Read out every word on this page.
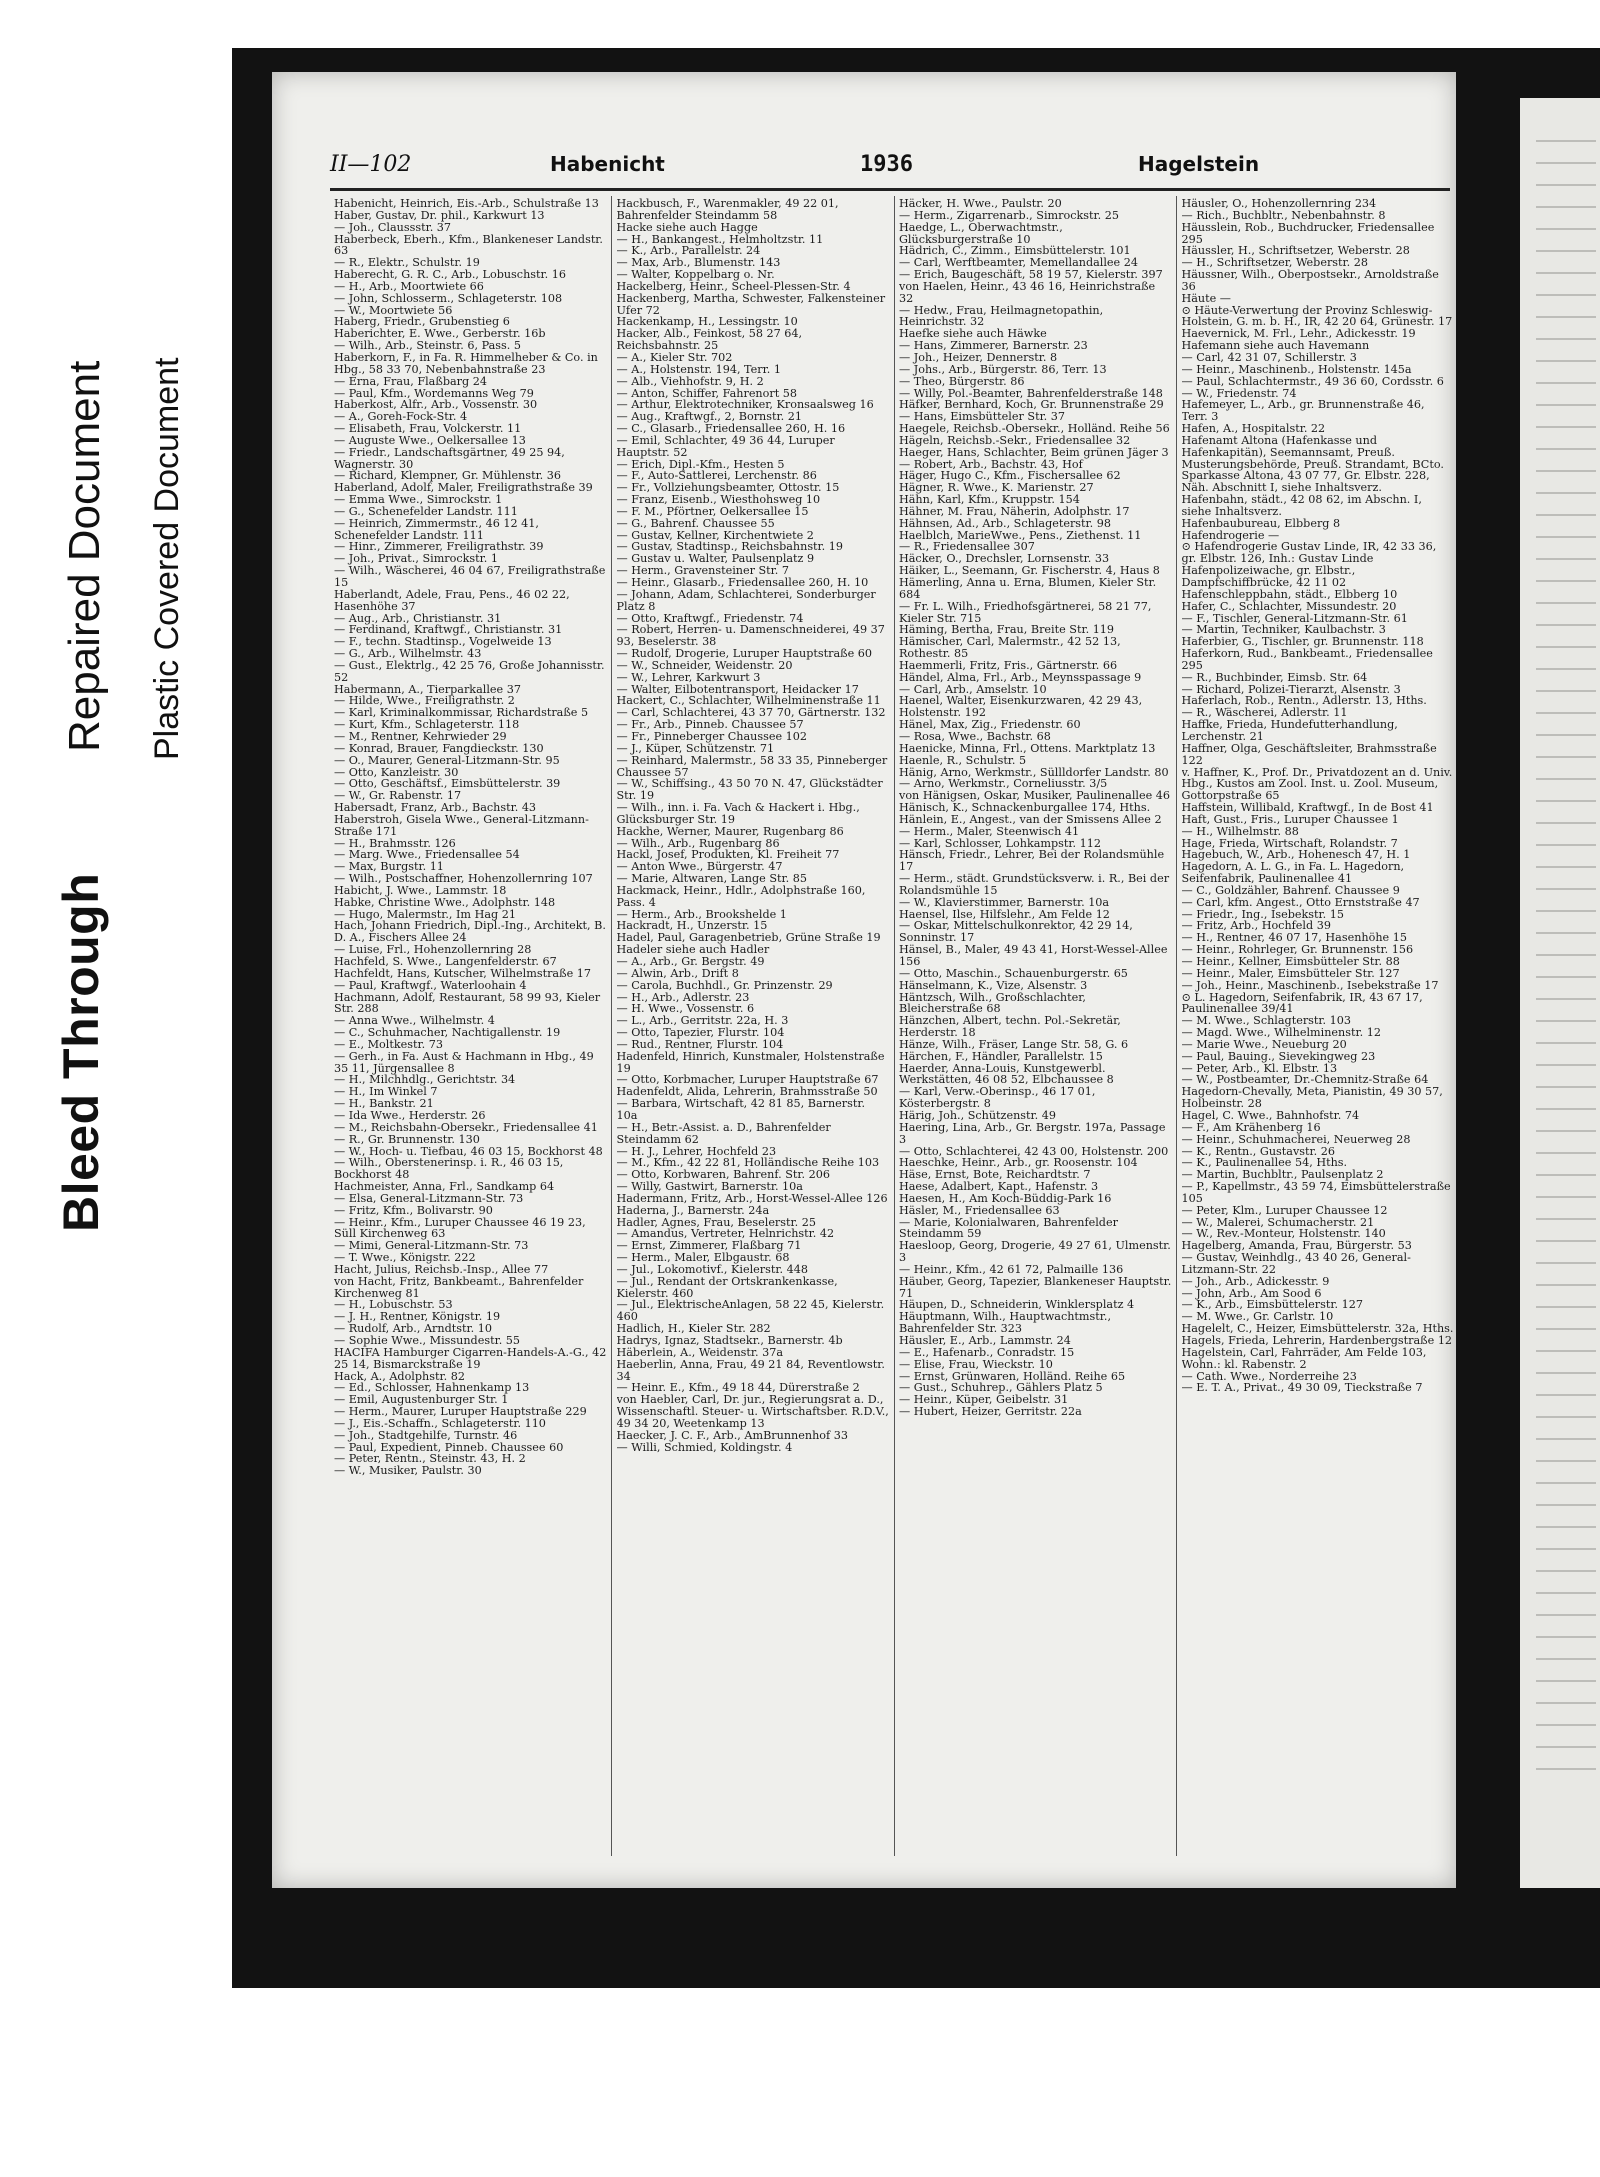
Bleed Through
Repaired Document Plastic Covered Document
II—102	Habenicht	1936	Hagelstein

Habenicht, Heinrich, Eis.-Arb., Schulstraße 13

Haber, Gustav, Dr. phil., Karkwurt 13

— Joh., Claussstr. 37

Haberbeck, Eberh., Kfm., Blankeneser Landstr. 63

— R., Elektr., Schulstr. 19

Haberecht, G. R. C., Arb., Lobuschstr. 16

— H., Arb., Moortwiete 66

— John, Schlosserm., Schlageterstr. 108

— W., Moortwiete 56

Haberg, Friedr., Grubenstieg 6

Haberichter, E. Wwe., Gerberstr. 16b

— Wilh., Arb., Steinstr. 6, Pass. 5

Haberkorn, F., in Fa. R. Himmelheber & Co. in Hbg., 58 33 70, Nebenbahnstraße 23

— Erna, Frau, Flaßbarg 24

— Paul, Kfm., Wordemanns Weg 79

Haberkost, Alfr., Arb., Vossenstr. 30

— A., Goreh-Fock-Str. 4

— Elisabeth, Frau, Volckerstr. 11

— Auguste Wwe., Oelkersallee 13

— Friedr., Landschaftsgärtner, 49 25 94, Wagnerstr. 30

— Richard, Klempner, Gr. Mühlenstr. 36

Haberland, Adolf, Maler, Freiligrathstraße 39

— Emma Wwe., Simrockstr. 1

— G., Schenefelder Landstr. 111

— Heinrich, Zimmermstr., 46 12 41, Schenefelder Landstr. 111

— Hinr., Zimmerer, Freiligrathstr. 39

— Joh., Privat., Simrockstr. 1

— Wilh., Wäscherei, 46 04 67, Freiligrathstraße 15

Haberlandt, Adele, Frau, Pens., 46 02 22, Hasenhöhe 37

— Aug., Arb., Christianstr. 31

— Ferdinand, Kraftwgf., Christianstr. 31

— F., techn. Stadtinsp., Vogelweide 13

— G., Arb., Wilhelmstr. 43

— Gust., Elektrlg., 42 25 76, Große Johannisstr. 52

Habermann, A., Tierparkallee 37

— Hilde, Wwe., Freiligrathstr. 2

— Karl, Kriminalkommissar, Richardstraße 5

— Kurt, Kfm., Schlageterstr. 118

— M., Rentner, Kehrwieder 29

— Konrad, Brauer, Fangdieckstr. 130

— O., Maurer, General-Litzmann-Str. 95

— Otto, Kanzleistr. 30

— Otto, Geschäftsf., Eimsbüttelerstr. 39

— W., Gr. Rabenstr. 17

Habersadt, Franz, Arb., Bachstr. 43

Haberstroh, Gisela Wwe., General-Litzmann-Straße 171

— H., Brahmsstr. 126

— Marg. Wwe., Friedensallee 54

— Max, Burgstr. 11

— Wilh., Postschaffner, Hohenzollernring 107

Habicht, J. Wwe., Lammstr. 18

Habke, Christine Wwe., Adolphstr. 148

— Hugo, Malermstr., Im Hag 21

Hach, Johann Friedrich, Dipl.-Ing., Architekt, B. D. A., Fischers Allee 24

— Luise, Frl., Hohenzollernring 28

Hachfeld, S. Wwe., Langenfelderstr. 67

Hachfeldt, Hans, Kutscher, Wilhelmstraße 17

— Paul, Kraftwgf., Waterloohain 4

Hachmann, Adolf, Restaurant, 58 99 93, Kieler Str. 288

— Anna Wwe., Wilhelmstr. 4

— C., Schuhmacher, Nachtigallenstr. 19

— E., Moltkestr. 73

— Gerh., in Fa. Aust & Hachmann in Hbg., 49 35 11, Jürgensallee 8

— H., Milchhdlg., Gerichtstr. 34

— H., Im Winkel 7

— H., Bankstr. 21

— Ida Wwe., Herderstr. 26

— M., Reichsbahn-Obersekr., Friedensallee 41

— R., Gr. Brunnenstr. 130

— W., Hoch- u. Tiefbau, 46 03 15, Bockhorst 48

— Wilh., Oberstenerinsp. i. R., 46 03 15, Bockhorst 48

Hachmeister, Anna, Frl., Sandkamp 64

— Elsa, General-Litzmann-Str. 73

— Fritz, Kfm., Bolivarstr. 90

— Heinr., Kfm., Luruper Chaussee 46 19 23, Süll Kirchenweg 63

— Mimi, General-Litzmann-Str. 73

— T. Wwe., Königstr. 222

Hacht, Julius, Reichsb.-Insp., Allee 77

von Hacht, Fritz, Bankbeamt., Bahrenfelder Kirchenweg 81

— H., Lobuschstr. 53

— J. H., Rentner, Königstr. 19

— Rudolf, Arb., Arndtstr. 10

— Sophie Wwe., Missundestr. 55

HACIFA Hamburger Cigarren-Handels-A.-G., 42 25 14, Bismarckstraße 19

Hack, A., Adolphstr. 82

— Ed., Schlosser, Hahnenkamp 13

— Emil, Augustenburger Str. 1

— Herm., Maurer, Luruper Hauptstraße 229

— J., Eis.-Schaffn., Schlageterstr. 110

— Joh., Stadtgehilfe, Turnstr. 46

— Paul, Expedient, Pinneb. Chaussee 60

— Peter, Rentn., Steinstr. 43, H. 2

— W., Musiker, Paulstr. 30

Hackbusch, F., Warenmakler, 49 22 01, Bahrenfelder Steindamm 58

Hacke siehe auch Hagge

— H., Bankangest., Helmholtzstr. 11

— K., Arb., Parallelstr. 24

— Max, Arb., Blumenstr. 143

— Walter, Koppelbarg o. Nr.

Hackelberg, Heinr., Scheel-Plessen-Str. 4

Hackenberg, Martha, Schwester, Falkensteiner Ufer 72

Hackenkamp, H., Lessingstr. 10

Hacker, Alb., Feinkost, 58 27 64, Reichsbahnstr. 25

— A., Kieler Str. 702

— A., Holstenstr. 194, Terr. 1

— Alb., Viehhofstr. 9, H. 2

— Anton, Schiffer, Fahrenort 58

— Arthur, Elektrotechniker, Kronsaalsweg 16

— Aug., Kraftwgf., 2, Bornstr. 21

— C., Glasarb., Friedensallee 260, H. 16

— Emil, Schlachter, 49 36 44, Luruper Hauptstr. 52

— Erich, Dipl.-Kfm., Hesten 5

— F., Auto-Sattlerei, Lerchenstr. 86

— Fr., Vollziehungsbeamter, Ottostr. 15

— Franz, Eisenb., Wiesthohsweg 10

— F. M., Pförtner, Oelkersallee 15

— G., Bahrenf. Chaussee 55

— Gustav, Kellner, Kirchentwiete 2

— Gustav, Stadtinsp., Reichsbahnstr. 19

— Gustav u. Walter, Paulsenplatz 9

— Herm., Gravensteiner Str. 7

— Heinr., Glasarb., Friedensallee 260, H. 10

— Johann, Adam, Schlachterei, Sonderburger Platz 8

— Otto, Kraftwgf., Friedenstr. 74

— Robert, Herren- u. Damenschneiderei, 49 37 93, Beselerstr. 38

— Rudolf, Drogerie, Luruper Hauptstraße 60

— W., Schneider, Weidenstr. 20

— W., Lehrer, Karkwurt 3

— Walter, Eilbotentransport, Heidacker 17

Hackert, C., Schlachter, Wilhelminenstraße 11

— Carl, Schlachterei, 43 37 70, Gärtnerstr. 132

— Fr., Arb., Pinneb. Chaussee 57

— Fr., Pinneberger Chaussee 102

— J., Küper, Schützenstr. 71

— Reinhard, Malermstr., 58 33 35, Pinneberger Chaussee 57

— W., Schiffsing., 43 50 70 N. 47, Glückstädter Str. 19

— Wilh., inn. i. Fa. Vach & Hackert i. Hbg., Glücksburger Str. 19

Hackhe, Werner, Maurer, Rugenbarg 86

— Wilh., Arb., Rugenbarg 86

Hackl, Josef, Produkten, Kl. Freiheit 77

— Anton Wwe., Bürgerstr. 47

— Marie, Altwaren, Lange Str. 85

Hackmack, Heinr., Hdlr., Adolphstraße 160, Pass. 4

— Herm., Arb., Brookshelde 1

Hackradt, H., Unzerstr. 15

Hadel, Paul, Garagenbetrieb, Grüne Straße 19

Hadeler siehe auch Hadler

— A., Arb., Gr. Bergstr. 49

— Alwin, Arb., Drift 8

— Carola, Buchhdl., Gr. Prinzenstr. 29

— H., Arb., Adlerstr. 23

— H. Wwe., Vossenstr. 6

— L., Arb., Gerritstr. 22a, H. 3

— Otto, Tapezier, Flurstr. 104

— Rud., Rentner, Flurstr. 104

Hadenfeld, Hinrich, Kunstmaler, Holstenstraße 19

— Otto, Korbmacher, Luruper Hauptstraße 67

Hadenfeldt, Alida, Lehrerin, Brahmsstraße 50

— Barbara, Wirtschaft, 42 81 85, Barnerstr. 10a

— H., Betr.-Assist. a. D., Bahrenfelder Steindamm 62

— H. J., Lehrer, Hochfeld 23

— M., Kfm., 42 22 81, Holländische Reihe 103

— Otto, Korbwaren, Bahrenf. Str. 206

— Willy, Gastwirt, Barnerstr. 10a

Hadermann, Fritz, Arb., Horst-Wessel-Allee 126

Haderna, J., Barnerstr. 24a

Hadler, Agnes, Frau, Beselerstr. 25

— Amandus, Vertreter, Helnrichstr. 42

— Ernst, Zimmerer, Flaßbarg 71

— Herm., Maler, Elbgaustr. 68

— Jul., Lokomotivf., Kielerstr. 448

— Jul., Rendant der Ortskrankenkasse, Kielerstr. 460

— Jul., ElektrischeAnlagen, 58 22 45, Kielerstr. 460

Hadlich, H., Kieler Str. 282

Hadrys, Ignaz, Stadtsekr., Barnerstr. 4b

Häberlein, A., Weidenstr. 37a

Haeberlin, Anna, Frau, 49 21 84, Reventlowstr. 34

— Heinr. E., Kfm., 49 18 44, Dürerstraße 2

von Haebler, Carl, Dr. jur., Regierungsrat a. D., Wissenschaftl. Steuer- u. Wirtschaftsber. R.D.V., 49 34 20, Weetenkamp 13

Haecker, J. C. F., Arb., AmBrunnenhof 33

— Willi, Schmied, Koldingstr. 4

Häcker, H. Wwe., Paulstr. 20

— Herm., Zigarrenarb., Simrockstr. 25

Haedge, L., Oberwachtmstr., Glücksburgerstraße 10

Hädrich, C., Zimm., Eimsbüttelerstr. 101

— Carl, Werftbeamter, Memellandallee 24

— Erich, Baugeschäft, 58 19 57, Kielerstr. 397

von Haelen, Heinr., 43 46 16, Heinrichstraße 32

— Hedw., Frau, Heilmagnetopathin, Heinrichstr. 32

Haefke siehe auch Häwke

— Hans, Zimmerer, Barnerstr. 23

— Joh., Heizer, Dennerstr. 8

— Johs., Arb., Bürgerstr. 86, Terr. 13

— Theo, Bürgerstr. 86

— Willy, Pol.-Beamter, Bahrenfelderstraße 148

Häfker, Bernhard, Koch, Gr. Brunnenstraße 29

— Hans, Eimsbütteler Str. 37

Haegele, Reichsb.-Obersekr., Holländ. Reihe 56

Hägeln, Reichsb.-Sekr., Friedensallee 32

Haeger, Hans, Schlachter, Beim grünen Jäger 3

— Robert, Arb., Bachstr. 43, Hof

Häger, Hugo C., Kfm., Fischersallee 62

Hägner, R. Wwe., K. Marienstr. 27

Hähn, Karl, Kfm., Kruppstr. 154

Hähner, M. Frau, Näherin, Adolphstr. 17

Hähnsen, Ad., Arb., Schlageterstr. 98

Haelblch, MarieWwe., Pens., Ziethenst. 11

— R., Friedensallee 307

Häcker, O., Drechsler, Lornsenstr. 33

Häiker, L., Seemann, Gr. Fischerstr. 4, Haus 8

Hämerling, Anna u. Erna, Blumen, Kieler Str. 684

— Fr. L. Wilh., Friedhofsgärtnerei, 58 21 77, Kieler Str. 715

Häming, Bertha, Frau, Breite Str. 119

Hämischer, Carl, Malermstr., 42 52 13, Rothestr. 85

Haemmerli, Fritz, Fris., Gärtnerstr. 66

Händel, Alma, Frl., Arb., Meynsspassage 9

— Carl, Arb., Amselstr. 10

Haenel, Walter, Eisenkurzwaren, 42 29 43, Holstenstr. 192

Hänel, Max, Zig., Friedenstr. 60

— Rosa, Wwe., Bachstr. 68

Haenicke, Minna, Frl., Ottens. Marktplatz 13

Haenle, R., Schulstr. 5

Hänig, Arno, Werkmstr., Süllldorfer Landstr. 80

— Arno, Werkmstr., Corneliusstr. 3/5

von Hänigsen, Oskar, Musiker, Paulinenallee 46

Hänisch, K., Schnackenburgallee 174, Hths.

Hänlein, E., Angest., van der Smissens Allee 2

— Herm., Maler, Steenwisch 41

— Karl, Schlosser, Lohkampstr. 112

Hänsch, Friedr., Lehrer, Bei der Rolandsmühle 17

— Herm., städt. Grundstücksverw. i. R., Bei der Rolandsmühle 15

— W., Klavierstimmer, Barnerstr. 10a

Haensel, Ilse, Hilfslehr., Am Felde 12

— Oskar, Mittelschulkonrektor, 42 29 14, Sonninstr. 17

Hänsel, B., Maler, 49 43 41, Horst-Wessel-Allee 156

— Otto, Maschin., Schauenburgerstr. 65

Hänselmann, K., Vize, Alsenstr. 3

Häntzsch, Wilh., Großschlachter, Bleicherstraße 68

Hänzchen, Albert, techn. Pol.-Sekretär, Herderstr. 18

Hänze, Wilh., Fräser, Lange Str. 58, G. 6

Härchen, F., Händler, Parallelstr. 15

Haerder, Anna-Louis, Kunstgewerbl. Werkstätten, 46 08 52, Elbchaussee 8

— Karl, Verw.-Oberinsp., 46 17 01, Kösterbergstr. 8

Härig, Joh., Schützenstr. 49

Haering, Lina, Arb., Gr. Bergstr. 197a, Passage 3

— Otto, Schlachterei, 42 43 00, Holstenstr. 200

Haeschke, Heinr., Arb., gr. Roosenstr. 104

Häse, Ernst, Bote, Reichardtstr. 7

Haese, Adalbert, Kapt., Hafenstr. 3

Haesen, H., Am Koch-Büddig-Park 16

Häsler, M., Friedensallee 63

— Marie, Kolonialwaren, Bahrenfelder Steindamm 59

Haesloop, Georg, Drogerie, 49 27 61, Ulmenstr. 3

— Heinr., Kfm., 42 61 72, Palmaille 136

Häuber, Georg, Tapezier, Blankeneser Hauptstr. 71

Häupen, D., Schneiderin, Winklersplatz 4

Häuptmann, Wilh., Hauptwachtmstr., Bahrenfelder Str. 323

Häusler, E., Arb., Lammstr. 24

— E., Hafenarb., Conradstr. 15

— Elise, Frau, Wieckstr. 10

— Ernst, Grünwaren, Holländ. Reihe 65

— Gust., Schuhrep., Gählers Platz 5

— Heinr., Küper, Geibelstr. 31

— Hubert, Heizer, Gerritstr. 22a

Häusler, O., Hohenzollernring 234

— Rich., Buchbltr., Nebenbahnstr. 8

Häusslein, Rob., Buchdrucker, Friedensallee 295

Häussler, H., Schriftsetzer, Weberstr. 28

— H., Schriftsetzer, Weberstr. 28

Häussner, Wilh., Oberpostsekr., Arnoldstraße 36

Häute —

⊙ Häute-Verwertung der Provinz Schleswig-Holstein, G. m. b. H., IR, 42 20 64, Grünestr. 17

Haevernick, M. Frl., Lehr., Adickesstr. 19

Hafemann siehe auch Havemann

— Carl, 42 31 07, Schillerstr. 3

— Heinr., Maschinenb., Holstenstr. 145a

— Paul, Schlachtermstr., 49 36 60, Cordsstr. 6

— W., Friedenstr. 74

Hafemeyer, L., Arb., gr. Brunnenstraße 46, Terr. 3

Hafen, A., Hospitalstr. 22

Hafenamt Altona (Hafenkasse und Hafenkapitän), Seemannsamt, Preuß. Musterungsbehörde, Preuß. Strandamt, BCto. Sparkasse Altona, 43 07 77, Gr. Elbstr. 228, Näh. Abschnitt I, siehe Inhaltsverz.

Hafenbahn, städt., 42 08 62, im Abschn. I, siehe Inhaltsverz.

Hafenbaubureau, Elbberg 8

Hafendrogerie —

⊙ Hafendrogerie Gustav Linde, IR, 42 33 36, gr. Elbstr. 126, Inh.: Gustav Linde

Hafenpolizeiwache, gr. Elbstr., Dampfschiffbrücke, 42 11 02

Hafenschleppbahn, städt., Elbberg 10

Hafer, C., Schlachter, Missundestr. 20

— F., Tischler, General-Litzmann-Str. 61

— Martin, Techniker, Kaulbachstr. 3

Haferbier, G., Tischler, gr. Brunnenstr. 118

Haferkorn, Rud., Bankbeamt., Friedensallee 295

— R., Buchbinder, Eimsb. Str. 64

— Richard, Polizei-Tierarzt, Alsenstr. 3

Haferlach, Rob., Rentn., Adlerstr. 13, Hths.

— R., Wäscherei, Adlerstr. 11

Haffke, Frieda, Hundefutterhandlung, Lerchenstr. 21

Haffner, Olga, Geschäftsleiter, Brahmsstraße 122

v. Haffner, K., Prof. Dr., Privatdozent an d. Univ. Hbg., Kustos am Zool. Inst. u. Zool. Museum, Gottorpstraße 65

Haffstein, Willibald, Kraftwgf., In de Bost 41

Haft, Gust., Fris., Luruper Chaussee 1

— H., Wilhelmstr. 88

Hage, Frieda, Wirtschaft, Rolandstr. 7

Hagebuch, W., Arb., Hohenesch 47, H. 1

Hagedorn, A. L. G., in Fa. L. Hagedorn, Seifenfabrik, Paulinenallee 41

— C., Goldzähler, Bahrenf. Chaussee 9

— Carl, kfm. Angest., Otto Ernststraße 47

— Friedr., Ing., Isebekstr. 15

— Fritz, Arb., Hochfeld 39

— H., Rentner, 46 07 17, Hasenhöhe 15

— Heinr., Rohrleger, Gr. Brunnenstr. 156

— Heinr., Kellner, Eimsbütteler Str. 88

— Heinr., Maler, Eimsbütteler Str. 127

— Joh., Heinr., Maschinenb., Isebekstraße 17

⊙ L. Hagedorn, Seifenfabrik, IR, 43 67 17, Paulinenallee 39/41

— M. Wwe., Schlagterstr. 103

— Magd. Wwe., Wilhelminenstr. 12

— Marie Wwe., Neueburg 20

— Paul, Bauing., Sievekingweg 23

— Peter, Arb., Kl. Elbstr. 13

— W., Postbeamter, Dr.-Chemnitz-Straße 64

Hagedorn-Chevally, Meta, Pianistin, 49 30 57, Holbeinstr. 28

Hagel, C. Wwe., Bahnhofstr. 74

— F., Am Krähenberg 16

— Heinr., Schuhmacherei, Neuerweg 28

— K., Rentn., Gustavstr. 26

— K., Paulinenallee 54, Hths.

— Martin, Buchbltr., Paulsenplatz 2

— P., Kapellmstr., 43 59 74, Eimsbüttelerstraße 105

— Peter, Klm., Luruper Chaussee 12

— W., Malerei, Schumacherstr. 21

— W., Rev.-Monteur, Holstenstr. 140

Hagelberg, Amanda, Frau, Bürgerstr. 53

— Gustav, Weinhdlg., 43 40 26, General-Litzmann-Str. 22

— Joh., Arb., Adickesstr. 9

— John, Arb., Am Sood 6

— K., Arb., Eimsbüttelerstr. 127

— M. Wwe., Gr. Carlstr. 10

Hagelelt, C., Heizer, Eimsbüttelerstr. 32a, Hths.

Hagels, Frieda, Lehrerin, Hardenbergstraße 12

Hagelstein, Carl, Fahrräder, Am Felde 103, Wohn.: kl. Rabenstr. 2

— Cath. Wwe., Norderreihe 23

— E. T. A., Privat., 49 30 09, Tieckstraße 7
